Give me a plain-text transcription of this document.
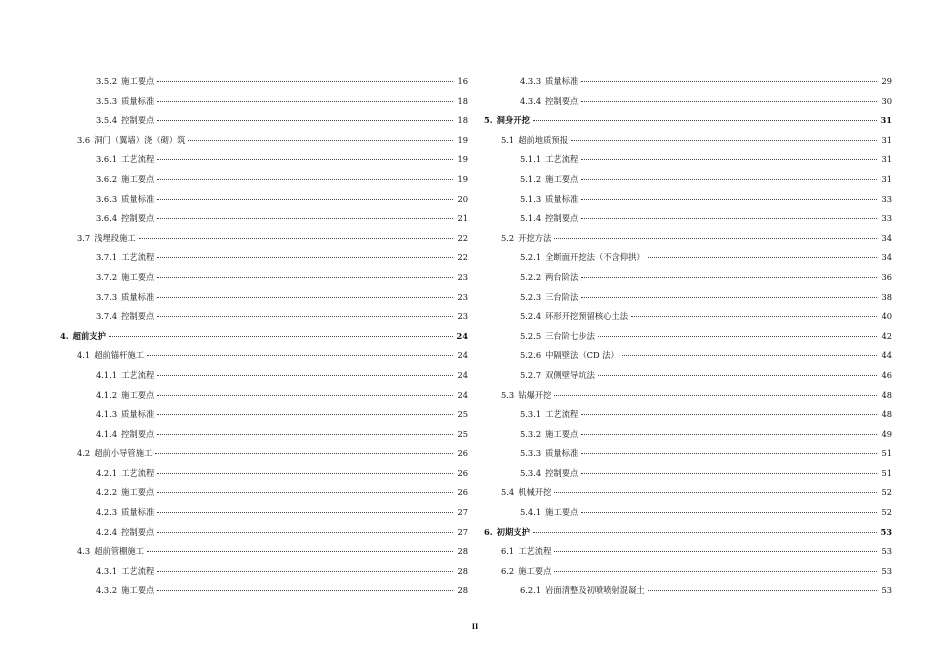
3.5.2 施工要点	16
3.5.3 质量标准	18
3.5.4 控制要点	18
3.6 洞门（翼墙）浇（砌）筑	19
3.6.1 工艺流程	19
3.6.2 施工要点	19
3.6.3 质量标准	20
3.6.4 控制要点	21
3.7 浅埋段施工	22
3.7.1 工艺流程	22
3.7.2 施工要点	23
3.7.3 质量标准	23
3.7.4 控制要点	23
4. 超前支护	24
4.1 超前锚杆施工	24
4.1.1 工艺流程	24
4.1.2 施工要点	24
4.1.3 质量标准	25
4.1.4 控制要点	25
4.2 超前小导管施工	26
4.2.1 工艺流程	26
4.2.2 施工要点	26
4.2.3 质量标准	27
4.2.4 控制要点	27
4.3 超前管棚施工	28
4.3.1 工艺流程	28
4.3.2 施工要点	28
4.3.3 质量标准	29
4.3.4 控制要点	30
5. 洞身开挖	31
5.1 超前地质预报	31
5.1.1 工艺流程	31
5.1.2 施工要点	31
5.1.3 质量标准	33
5.1.4 控制要点	33
5.2 开挖方法	34
5.2.1 全断面开挖法（不含仰拱）	34
5.2.2 两台阶法	36
5.2.3 三台阶法	38
5.2.4 环形开挖预留核心土法	40
5.2.5 三台阶七步法	42
5.2.6 中隔壁法（CD 法）	44
5.2.7 双侧壁导坑法	46
5.3 钻爆开挖	48
5.3.1 工艺流程	48
5.3.2 施工要点	49
5.3.3 质量标准	51
5.3.4 控制要点	51
5.4 机械开挖	52
5.4.1 施工要点	52
6. 初期支护	53
6.1 工艺流程	53
6.2 施工要点	53
6.2.1 岩面清整及初喷喷射混凝土	53
II
